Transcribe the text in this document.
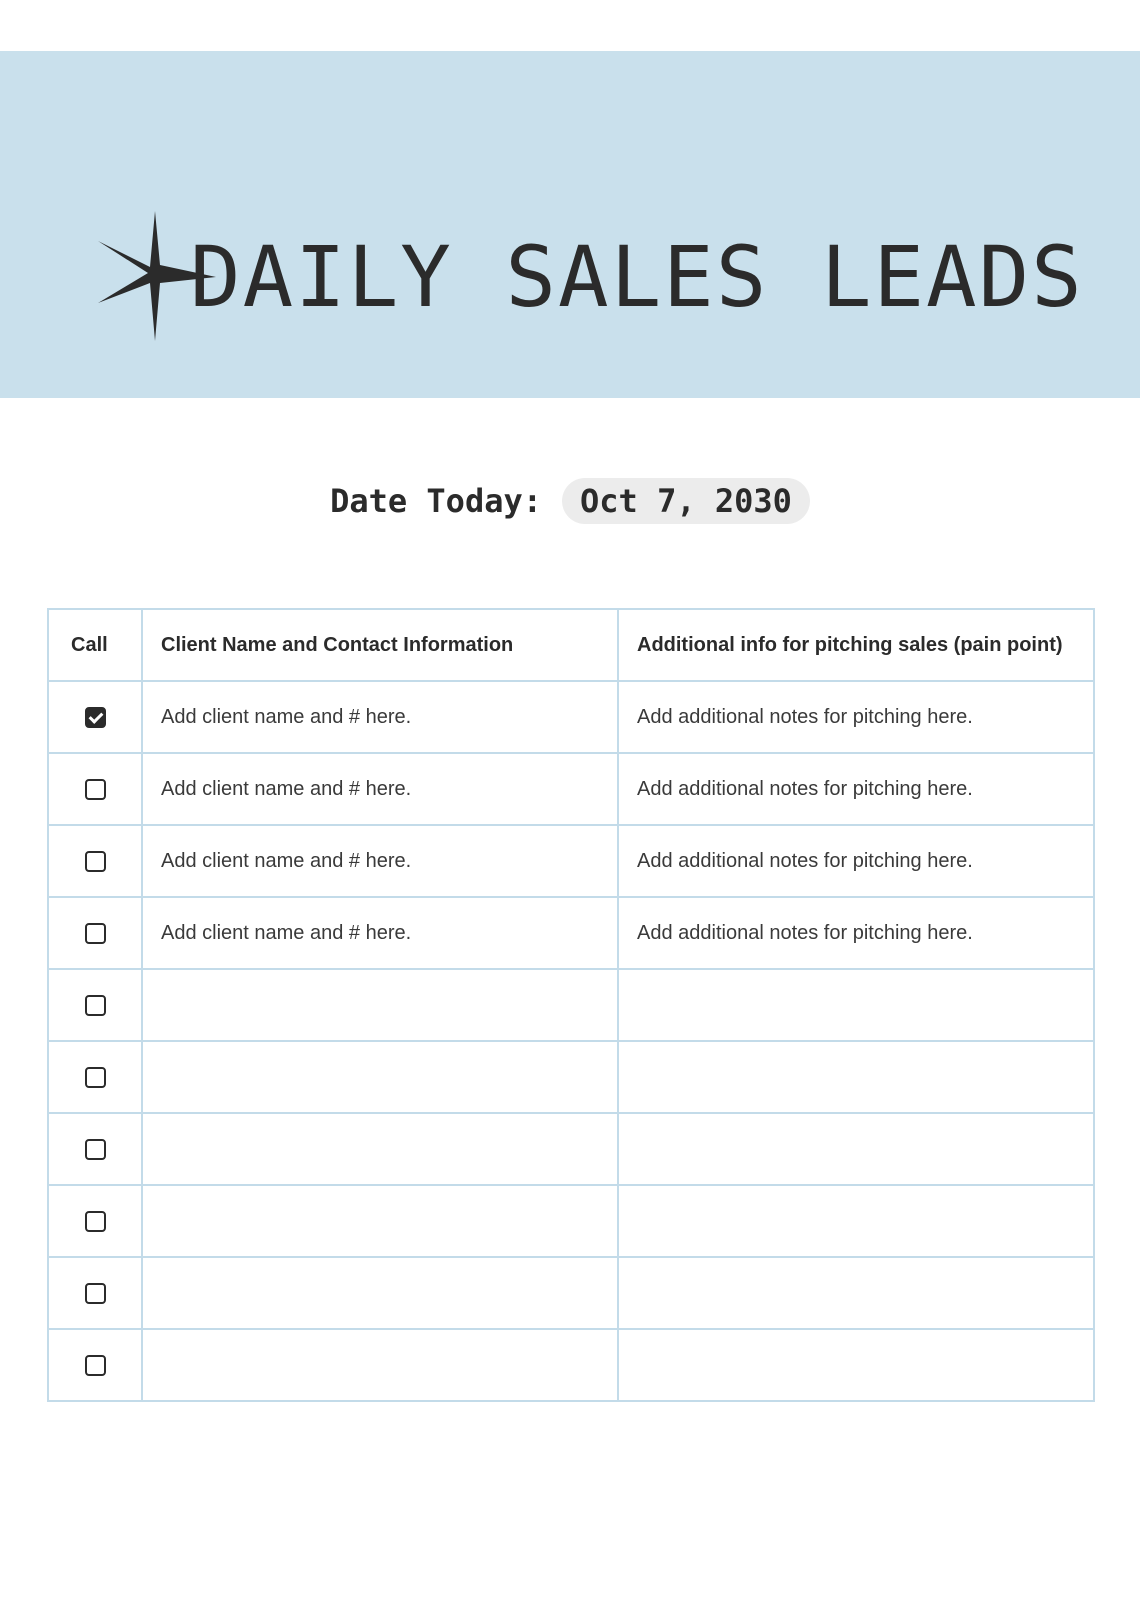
DAILY SALES LEADS
Date Today:	Oct 7, 2030
Call	Client Name and Contact Information	Additional info for pitching sales (pain point)
	Add client name and # here.	Add additional notes for pitching here.
	Add client name and # here.	Add additional notes for pitching here.
	Add client name and # here.	Add additional notes for pitching here.
	Add client name and # here.	Add additional notes for pitching here.
